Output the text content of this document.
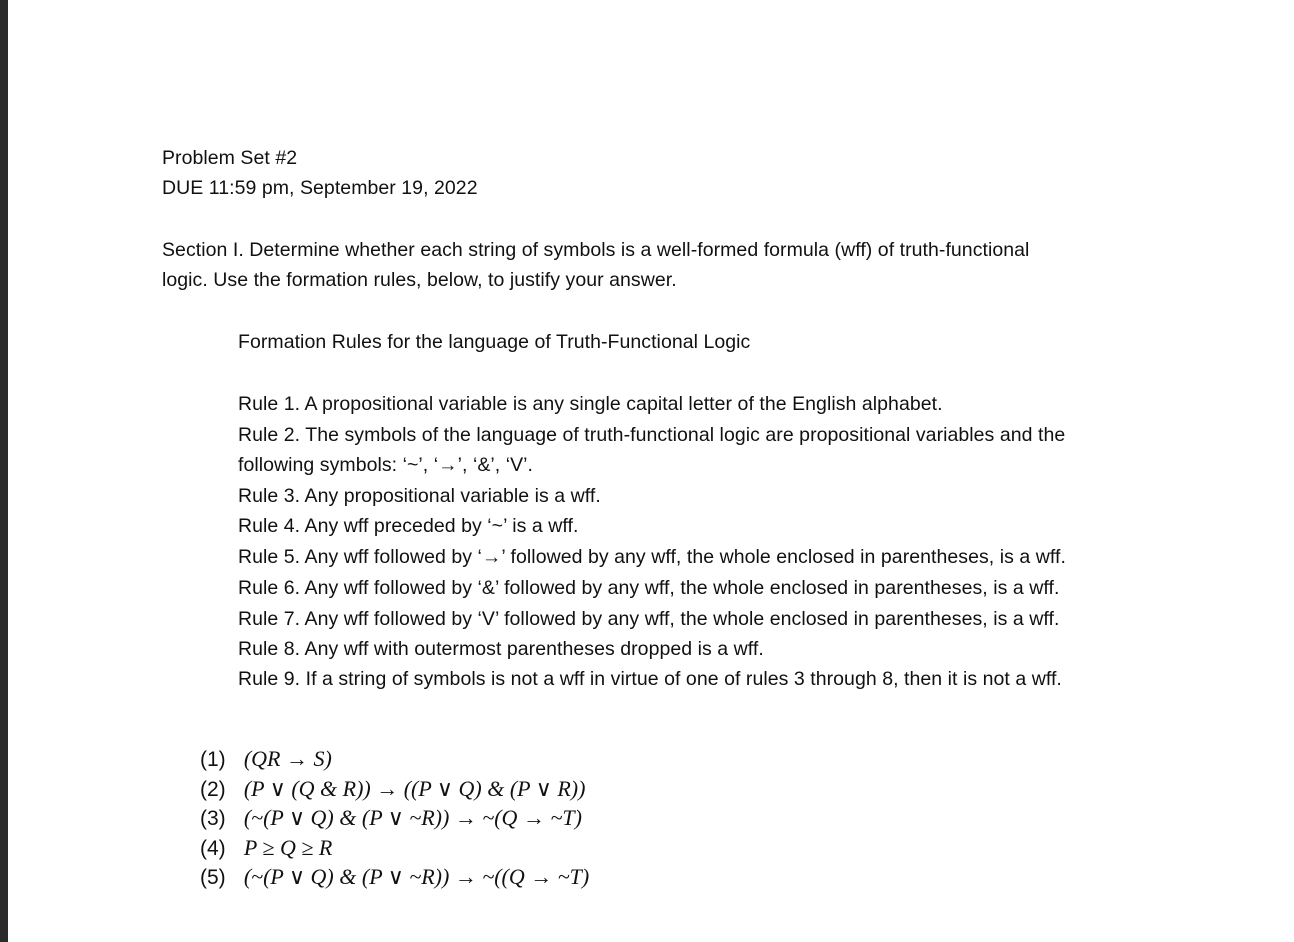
Problem Set #2
DUE 11:59 pm, September 19, 2022
Section I. Determine whether each string of symbols is a well-formed formula (wff) of truth-functional
logic. Use the formation rules, below, to justify your answer.
Formation Rules for the language of Truth-Functional Logic
Rule 1. A propositional variable is any single capital letter of the English alphabet.
Rule 2. The symbols of the language of truth-functional logic are propositional variables and the
following symbols: ‘~’, ‘→’, ‘&’, ‘V’.
Rule 3. Any propositional variable is a wff.
Rule 4. Any wff preceded by ‘~’ is a wff.
Rule 5. Any wff followed by ‘→’ followed by any wff, the whole enclosed in parentheses, is a wff.
Rule 6. Any wff followed by ‘&’ followed by any wff, the whole enclosed in parentheses, is a wff.
Rule 7. Any wff followed by ‘V’ followed by any wff, the whole enclosed in parentheses, is a wff.
Rule 8. Any wff with outermost parentheses dropped is a wff.
Rule 9. If a string of symbols is not a wff in virtue of one of rules 3 through 8, then it is not a wff.
(1) (QR → S)
(2) (P ∨ (Q & R)) → ((P ∨ Q) & (P ∨ R))
(3) (~(P ∨ Q) & (P ∨ ~R)) → ~(Q → ~T)
(4) P ≥ Q ≥ R
(5) (~(P ∨ Q) & (P ∨ ~R)) → ~((Q → ~T)
